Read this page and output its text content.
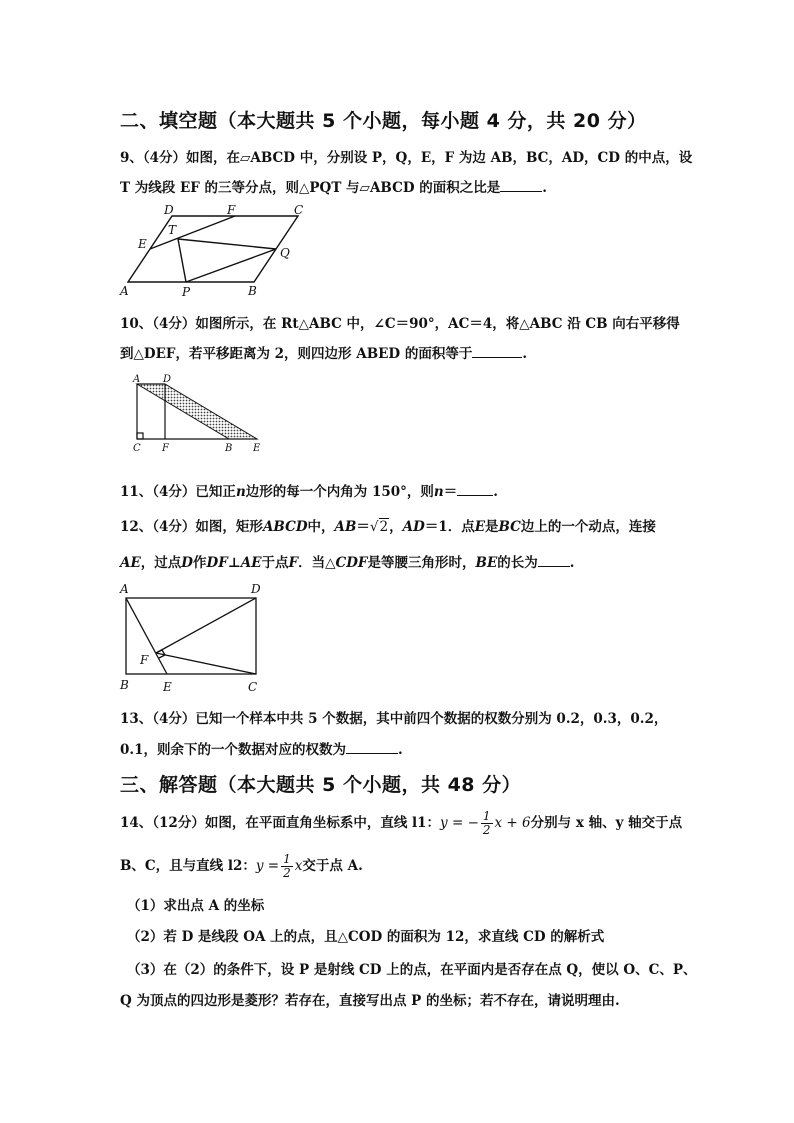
二、填空题（本大题共 5 个小题，每小题 4 分，共 20 分）
9、（4分）如图，在▱ABCD 中，分别设 P，Q，E，F 为边 AB，BC，AD，CD 的中点，设
T 为线段 EF 的三等分点，则△PQT 与▱ABCD 的面积之比是	.
D	F	C
E
T
Q
A	P	B
10、（4分）如图所示，在 Rt△ABC 中，∠C＝90°，AC＝4，将△ABC 沿 CB 向右平移得
到△DEF，若平移距离为 2，则四边形 ABED 的面积等于	.
A D
C F	B E
11、（4分）已知正n边形的每一个内角为 150°，则n＝	.
12、（4分）如图，矩形ABCD中，AB＝√2，AD＝1．点E是BC边上的一个动点，连接
AE，过点D作DF⊥AE于点F．当△CDF是等腰三角形时，BE的长为 .
A	D
F
B	E	C
13、（4分）已知一个样本中共 5 个数据，其中前四个数据的权数分别为 0.2，0.3，0.2，
0.1，则余下的一个数据对应的权数为	.
三、解答题（本大题共 5 个小题，共 48 分）
14、（12分）如图，在平面直角坐标系中，直线 l1：y = − $\frac{1}{2}$ x + 6分别与 x 轴、y 轴交于点
B、C，且与直线 l2：$y = \frac{1}{2}$ x交于点 A.
（1）求出点 A 的坐标
（2）若 D 是线段 OA 上的点，且△COD 的面积为 12，求直线 CD 的解析式
（3）在（2）的条件下，设 P 是射线 CD 上的点，在平面内是否存在点 Q，使以 O、C、P、
Q 为顶点的四边形是菱形？若存在，直接写出点 P 的坐标；若不存在，请说明理由.
